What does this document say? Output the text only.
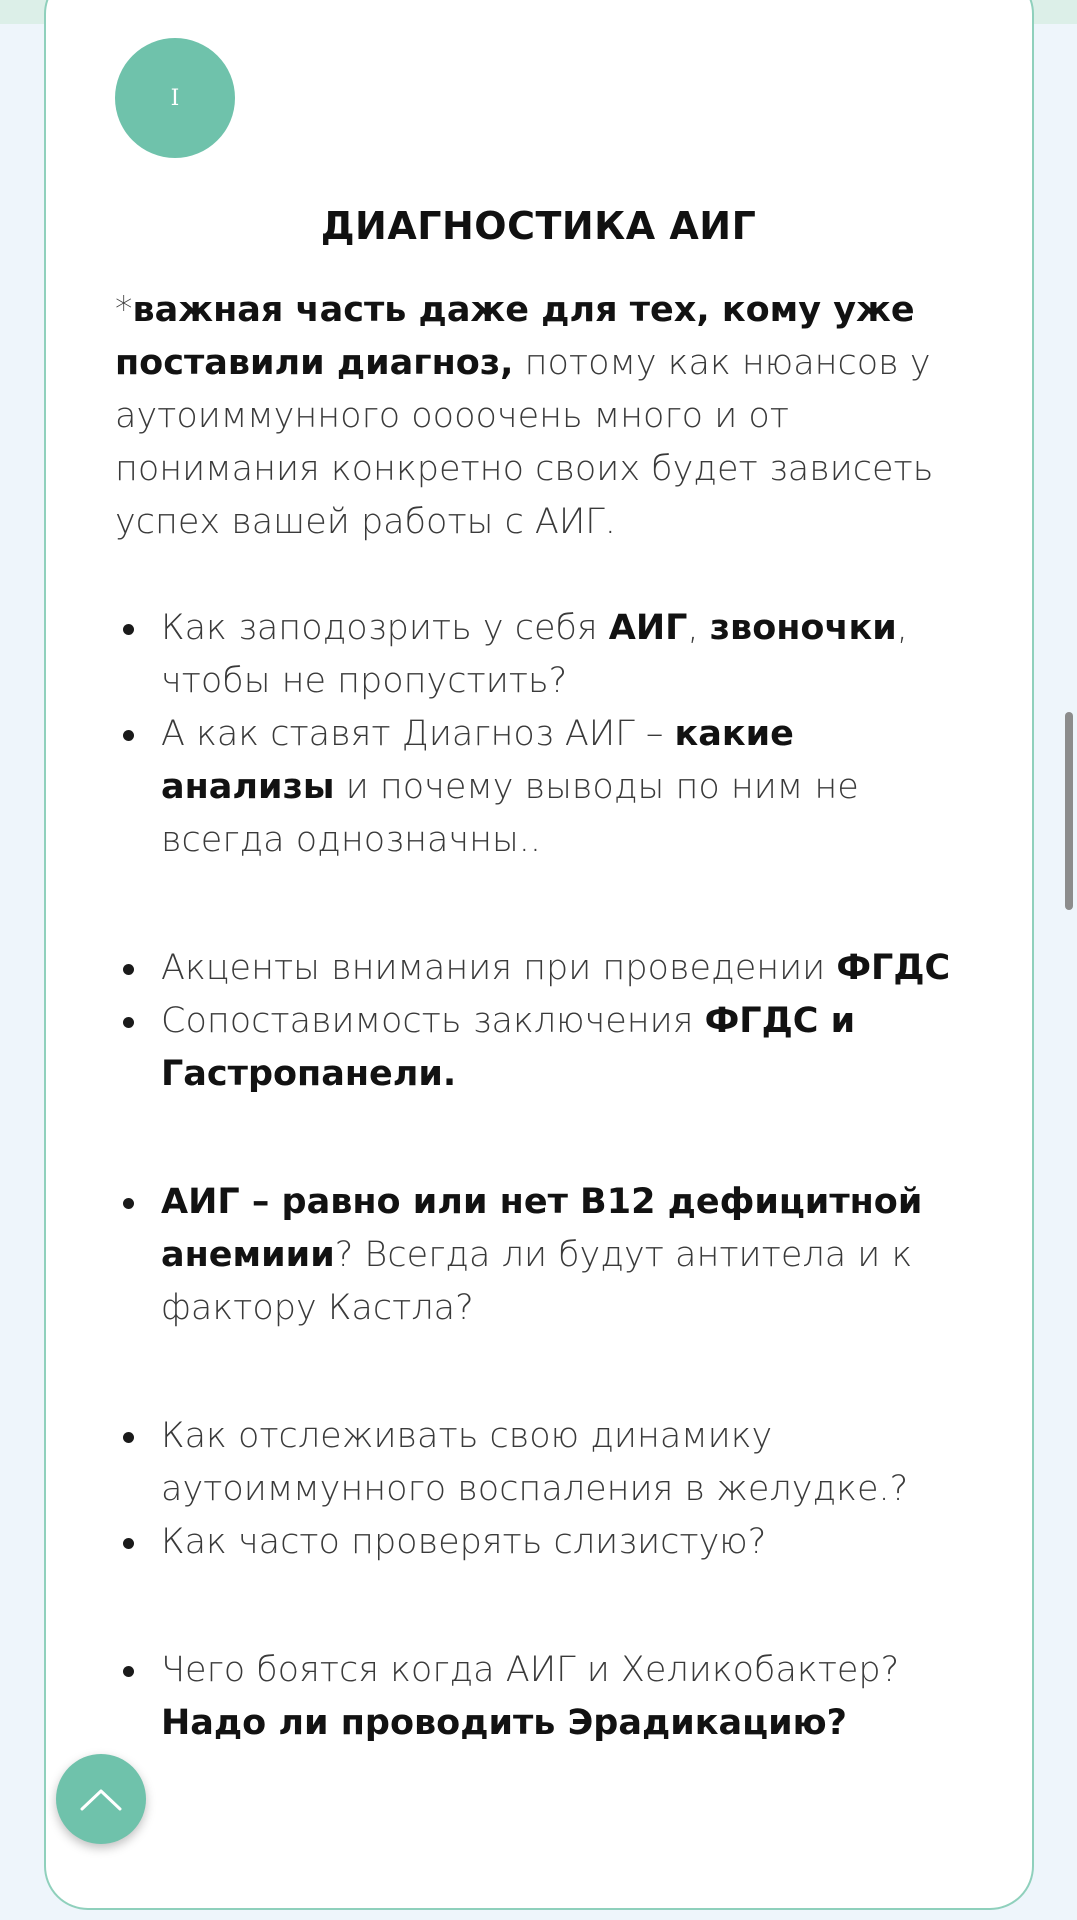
I
ДИАГНОСТИКА АИГ

*важная часть даже для тех, кому уже поставили диагноз, потому как нюансов у аутоиммунного оооочень много и от понимания конкретно своих будет зависеть успех вашей работы с АИГ.

Как заподозрить у себя АИГ, звоночки, чтобы не пропустить?
А как ставят Диагноз АИГ – какие анализы и почему выводы по ним не всегда однозначны..
Акценты внимания при проведении ФГДС
Сопоставимость заключения ФГДС и Гастропанели.
АИГ – равно или нет В12 дефицитной анемиии? Всегда ли будут антитела и к фактору Кастла?
Как отслеживать свою динамику аутоиммунного воспаления в желудке.?
Как часто проверять слизистую?
Чего боятся когда АИГ и Хеликобактер? Надо ли проводить Эрадикацию?
